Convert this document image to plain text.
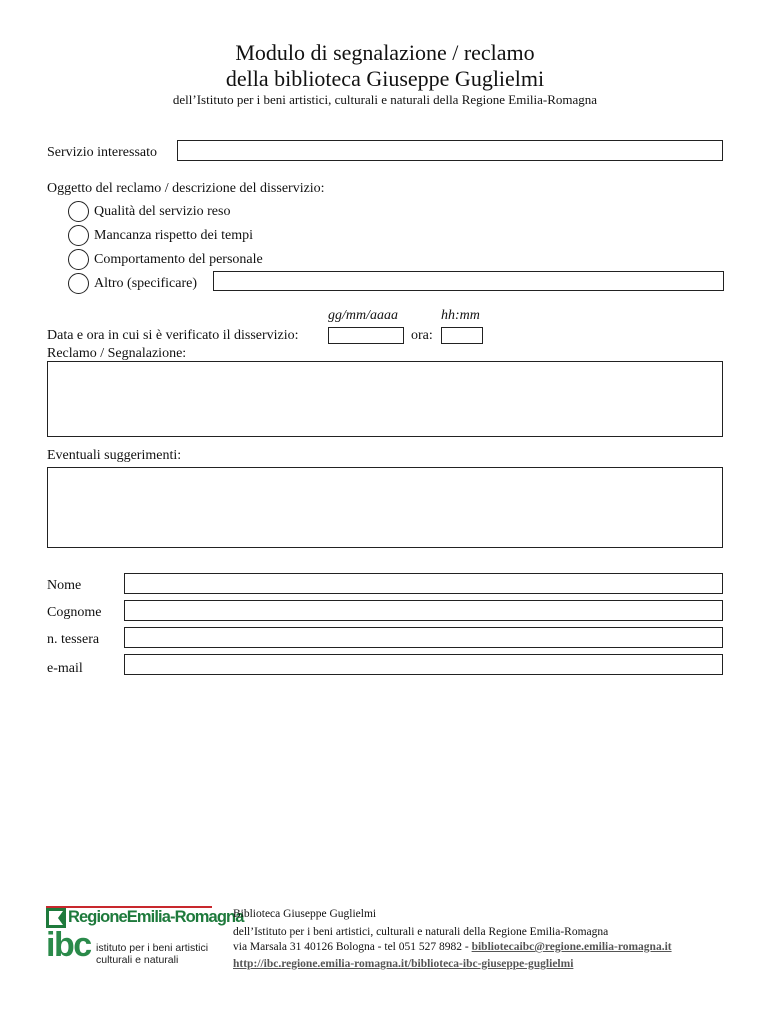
Modulo di segnalazione / reclamo
della biblioteca Giuseppe Guglielmi
dell’Istituto per i beni artistici, culturali e naturali della Regione Emilia-Romagna
Servizio interessato
Oggetto del reclamo / descrizione del disservizio:
Qualità del servizio reso
Mancanza rispetto dei tempi
Comportamento del personale
Altro (specificare)
gg/mm/aaaa	hh:mm
Data e ora in cui si è verificato il disservizio:	ora:
Reclamo / Segnalazione:
Eventuali suggerimenti:
Nome
Cognome
n. tessera
e-mail
RegioneEmilia-Romagna
ibc istituto per i beni artistici
culturali e naturali
Biblioteca Giuseppe Guglielmi
dell’Istituto per i beni artistici, culturali e naturali della Regione Emilia-Romagna
via Marsala 31 40126 Bologna - tel 051 527 8982 - bibliotecaibc@regione.emilia-romagna.it
http://ibc.regione.emilia-romagna.it/biblioteca-ibc-giuseppe-guglielmi
